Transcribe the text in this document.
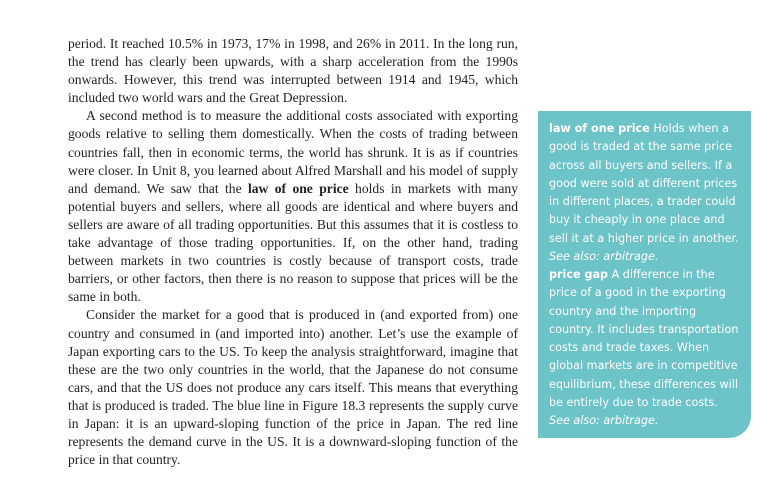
period. It reached 10.5% in 1973, 17% in 1998, and 26% in 2011. In the long run, the trend has clearly been upwards, with a sharp acceleration from the 1990s onwards. However, this trend was interrupted between 1914 and 1945, which included two world wars and the Great Depression.

A second method is to measure the additional costs associated with exporting goods relative to selling them domestically. When the costs of trading between countries fall, then in economic terms, the world has shrunk. It is as if countries were closer. In Unit 8, you learned about Alfred Marshall and his model of supply and demand. We saw that the law of one price holds in markets with many potential buyers and sellers, where all goods are identical and where buyers and sellers are aware of all trading opportunities. But this assumes that it is costless to take advantage of those trading opportunities. If, on the other hand, trading between markets in two countries is costly because of transport costs, trade barriers, or other factors, then there is no reason to suppose that prices will be the same in both.

Consider the market for a good that is produced in (and exported from) one country and consumed in (and imported into) another. Let’s use the example of Japan exporting cars to the US. To keep the analysis straightforward, imagine that these are the two only countries in the world, that the Japanese do not consume cars, and that the US does not produce any cars itself. This means that everything that is produced is traded. The blue line in Figure 18.3 represents the supply curve in Japan: it is an upward-sloping function of the price in Japan. The red line represents the demand curve in the US. It is a downward-sloping function of the price in that country.

law of one price Holds when a good is traded at the same price across all buyers and sellers. If a good were sold at different prices in different places, a trader could buy it cheaply in one place and sell it at a higher price in another. See also: arbitrage.

price gap A difference in the price of a good in the exporting country and the importing country. It includes transportation costs and trade taxes. When global markets are in competitive equilibrium, these differences will be entirely due to trade costs. See also: arbitrage.
